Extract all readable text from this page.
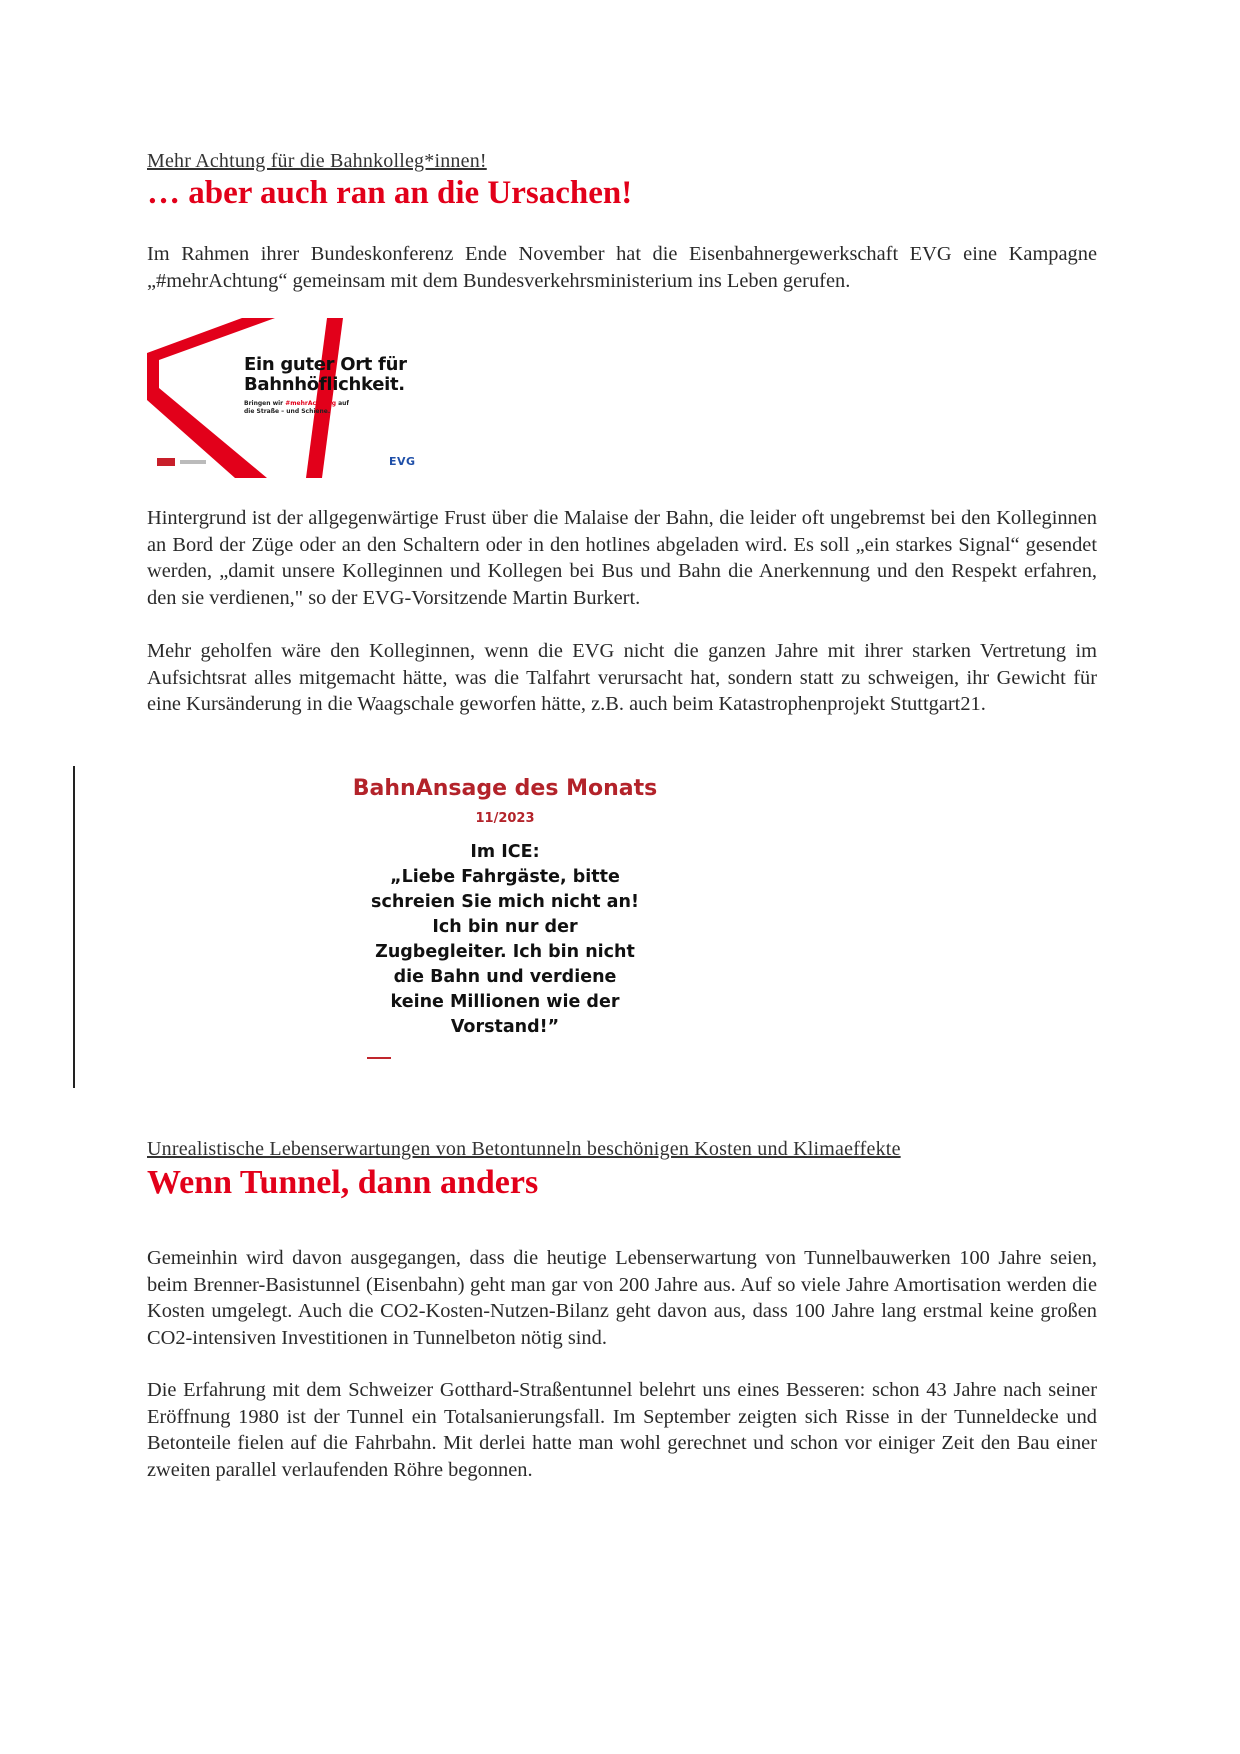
Mehr Achtung für die Bahnkolleg*innen!
… aber auch ran an die Ursachen!
Im Rahmen ihrer Bundeskonferenz Ende November hat die Eisenbahnergewerkschaft EVG eine Kampagne „#mehrAchtung“ gemeinsam mit dem Bundesverkehrsministerium ins Leben gerufen.
Ein guter Ort für
Bahnhöflichkeit.
Bringen wir #mehrAchtung auf
die Straße – und Schiene.
EVG
Hintergrund ist der allgegenwärtige Frust über die Malaise der Bahn, die leider oft ungebremst bei den Kolleginnen an Bord der Züge oder an den Schaltern oder in den hotlines abgeladen wird. Es soll „ein starkes Signal“ gesendet werden, „damit unsere Kolleginnen und Kollegen bei Bus und Bahn die Anerkennung und den Respekt erfahren, den sie verdienen," so der EVG-Vorsitzende Martin Burkert.
Mehr geholfen wäre den Kolleginnen, wenn die EVG nicht die ganzen Jahre mit ihrer starken Vertretung im Aufsichtsrat alles mitgemacht hätte, was die Talfahrt verursacht hat, sondern statt zu schweigen, ihr Gewicht für eine Kursänderung in die Waagschale geworfen hätte, z.B. auch beim Katastrophenprojekt Stuttgart21.
BahnAnsage des Monats
11/2023
Im ICE:
„Liebe Fahrgäste, bitte
schreien Sie mich nicht an!
Ich bin nur der
Zugbegleiter. Ich bin nicht
die Bahn und verdiene
keine Millionen wie der
Vorstand!”
Unrealistische Lebenserwartungen von Betontunneln beschönigen Kosten und Klimaeffekte
Wenn Tunnel, dann anders
Gemeinhin wird davon ausgegangen, dass die heutige Lebenserwartung von Tunnelbauwerken 100 Jahre seien, beim Brenner-Basistunnel (Eisenbahn) geht man gar von 200 Jahre aus. Auf so viele Jahre Amortisation werden die Kosten umgelegt. Auch die CO2-Kosten-Nutzen-Bilanz geht davon aus, dass 100 Jahre lang erstmal keine großen CO2-intensiven Investitionen in Tunnelbeton nötig sind.
Die Erfahrung mit dem Schweizer Gotthard-Straßentunnel belehrt uns eines Besseren: schon 43 Jahre nach seiner Eröffnung 1980 ist der Tunnel ein Totalsanierungsfall. Im September zeigten sich Risse in der Tunneldecke und Betonteile fielen auf die Fahrbahn. Mit derlei hatte man wohl gerechnet und schon vor einiger Zeit den Bau einer zweiten parallel verlaufenden Röhre begonnen.
